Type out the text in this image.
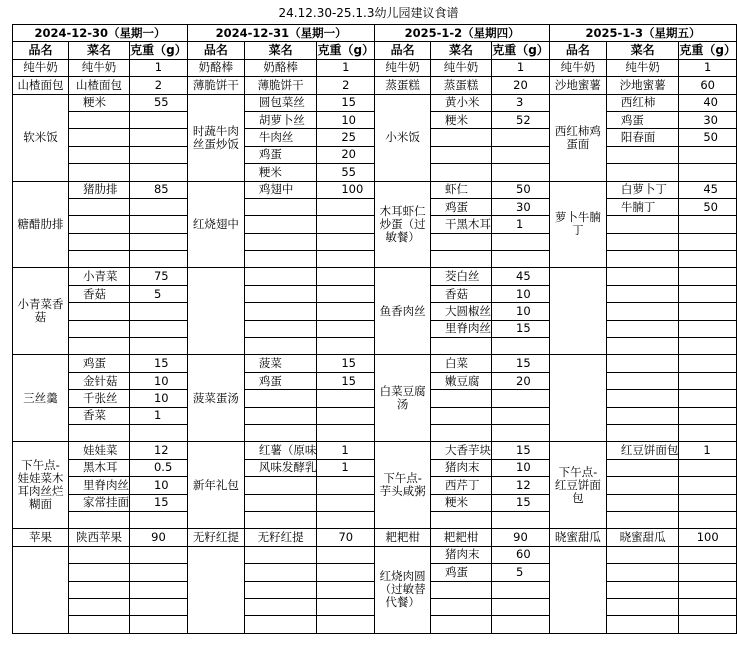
24.12.30-25.1.3幼儿园建议食谱
2024-12-30（星期一）			2024-12-31（星期一）			2025-1-2（星期四）			2025-1-3（星期五）		
品名	菜名	克重（g）	品名	菜名	克重（g）	品名	菜名	克重（g）	品名	菜名	克重（g）
纯牛奶	纯牛奶	1	奶酪棒	奶酪棒	1	纯牛奶	纯牛奶	1	纯牛奶	纯牛奶	1
山楂面包	山楂面包	2	薄脆饼干	薄脆饼干	2	蒸蛋糕	蒸蛋糕	20	沙地蜜薯	沙地蜜薯	60
软米饭	粳米	55	时蔬牛肉丝蛋炒饭	圆包菜丝	15	小米饭	黄小米	3	西红柿鸡蛋面	西红柿	40
				胡萝卜丝	10		粳米	52		鸡蛋	30
				牛肉丝	25					阳春面	50
				鸡蛋	20						
				粳米	55						
糖醋肋排	猪肋排	85	红烧翅中	鸡翅中	100	木耳虾仁炒蛋（过敏餐）	虾仁	50	萝卜牛腩丁	白萝卜丁	45
							鸡蛋	30		牛腩丁	50
							干黑木耳	1			

小青菜香菇	小青菜	75				鱼香肉丝	茭白丝	45			
	香菇	5					香菇	10			
							大圆椒丝	10			
							里脊肉丝	15			

三丝羹	鸡蛋	15	菠菜蛋汤	菠菜	15	白菜豆腐汤	白菜	15			
	金针菇	10		鸡蛋	15		嫩豆腐	20			
	千张丝	10									
	香菜	1									

下午点-娃娃菜木耳肉丝烂糊面	娃娃菜	12	新年礼包	红薯（原味	1	下午点-芋头咸粥	大香芋块	15	下午点-红豆饼面包	红豆饼面包	1
	黑木耳	0.5		风味发酵乳	1		猪肉末	10			
	里脊肉丝	10					西芹丁	12			
	家常挂面	15					粳米	15			

苹果	陕西苹果	90	无籽红提	无籽红提	70	耙耙柑	耙耙柑	90	晓蜜甜瓜	晓蜜甜瓜	100
						红烧肉圆（过敏替代餐）	猪肉末	60			
							鸡蛋	5			
